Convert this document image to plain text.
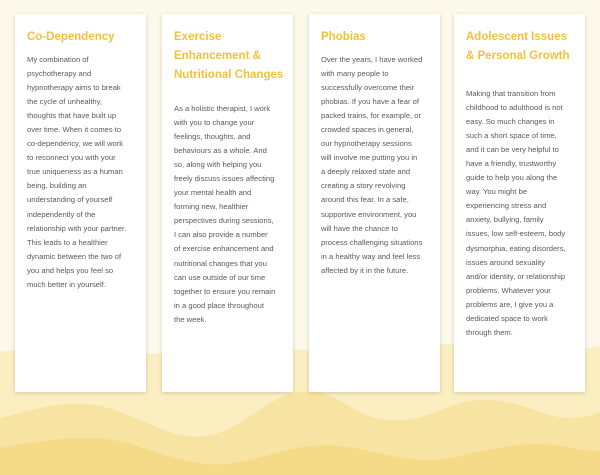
Co-Dependency

My combination of
psychotherapy and
hypnotherapy aims to break
the cycle of unhealthy,
thoughts that have built up
over time. When it comes to
co-dependency, we will work
to reconnect you with your
true uniqueness as a human
being, building an
understanding of yourself
independently of the
relationship with your partner.
This leads to a healthier
dynamic between the two of
you and helps you feel so
much better in yourself.

Exercise
Enhancement &
Nutritional Changes

As a holistic therapist, I work
with you to change your
feelings, thoughts, and
behaviours as a whole. And
so, along with helping you
freely discuss issues affecting
your mental health and
forming new, healthier
perspectives during sessions,
I can also provide a number
of exercise enhancement and
nutritional changes that you
can use outside of our time
together to ensure you remain
in a good place throughout
the week.

Phobias

Over the years, I have worked
with many people to
successfully overcome their
phobias. If you have a fear of
packed trains, for example, or
crowded spaces in general,
our hypnotherapy sessions
will involve me putting you in
a deeply relaxed state and
creating a story revolving
around this fear. In a safe,
supportive environment, you
will have the chance to
process challenging situations
in a healthy way and feel less
affected by it in the future.

Adolescent Issues
& Personal Growth

Making that transition from
childhood to adulthood is not
easy. So much changes in
such a short space of time,
and it can be very helpful to
have a friendly, trustworthy
guide to help you along the
way. You might be
experiencing stress and
anxiety, bullying, family
issues, low self-esteem, body
dysmorphia, eating disorders,
issues around sexuality
and/or identity, or relationship
problems. Whatever your
problems are, I give you a
dedicated space to work
through them.
